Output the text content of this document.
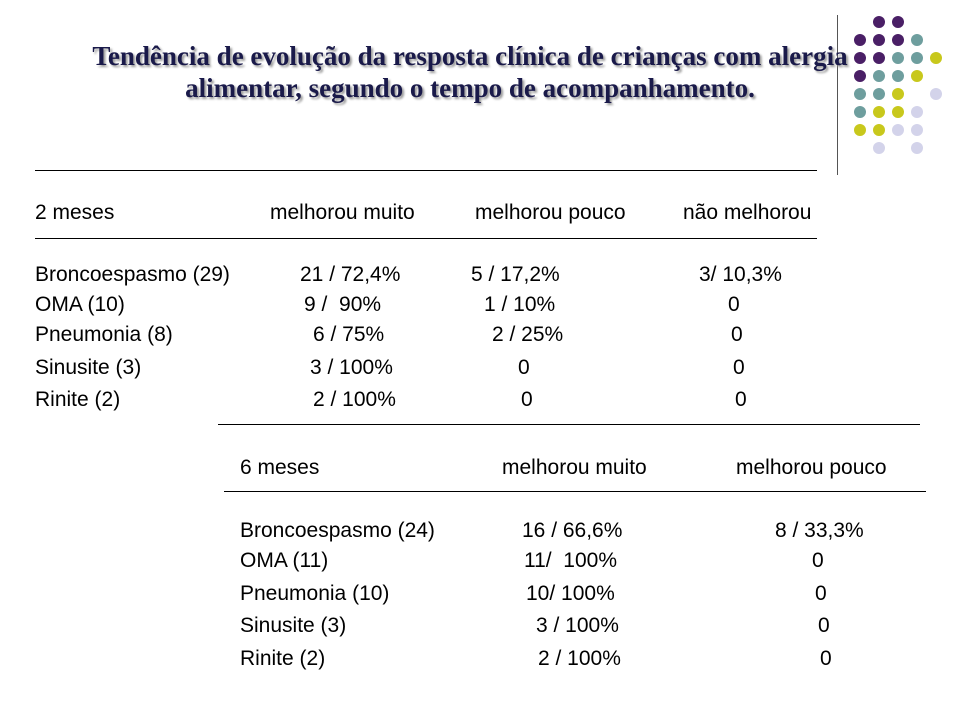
Tendência de evolução da resposta clínica de crianças com alergia alimentar, segundo o tempo de acompanhamento.
2 meses	melhorou muito	melhorou pouco	não melhorou
Broncoespasmo (29)	21 / 72,4%	5 / 17,2%	3/ 10,3%
OMA (10)	9 /  90%	1 / 10%	0
Pneumonia (8)	6 / 75%	2 / 25%	0
Sinusite (3)	3 / 100%	0	0
Rinite (2)	2 / 100%	0	0
6 meses	melhorou muito	melhorou pouco
Broncoespasmo (24)	16 / 66,6%	8 / 33,3%
OMA (11)	11/  100%	0
Pneumonia (10)	10/ 100%	0
Sinusite (3)	3 / 100%	0
Rinite (2)	2 / 100%	0
